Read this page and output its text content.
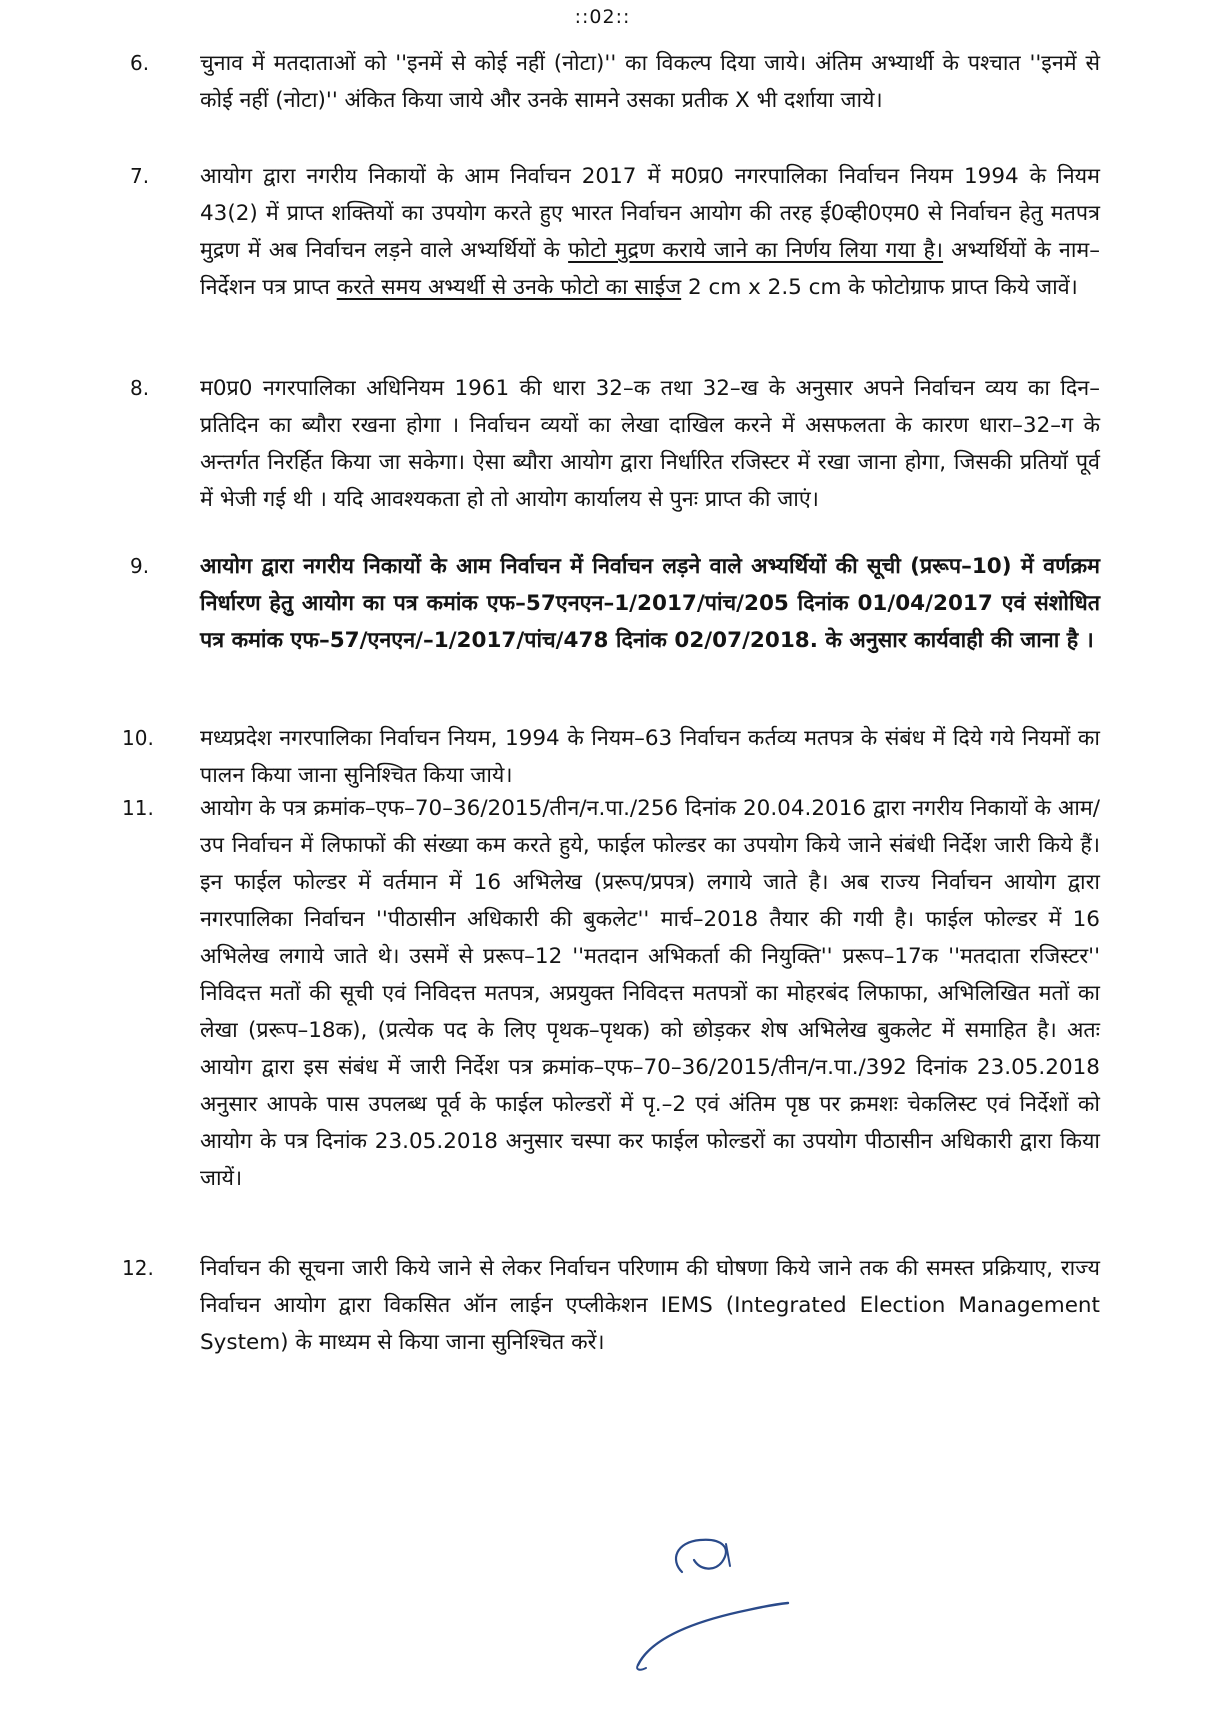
::02::
6. चुनाव में मतदाताओं को ''इनमें से कोई नहीं (नोटा)'' का विकल्प दिया जाये। अंतिम अभ्यार्थी के पश्चात ''इनमें से कोई नहीं (नोटा)'' अंकित किया जाये और उनके सामने उसका प्रतीक X भी दर्शाया जाये।

7. आयोग द्वारा नगरीय निकायों के आम निर्वाचन 2017 में म0प्र0 नगरपालिका निर्वाचन नियम 1994 के नियम 43(2) में प्राप्त शक्तियों का उपयोग करते हुए भारत निर्वाचन आयोग की तरह ई0व्ही0एम0 से निर्वाचन हेतु मतपत्र मुद्रण में अब निर्वाचन लड़ने वाले अभ्यर्थियों के फोटो मुद्रण कराये जाने का निर्णय लिया गया है। अभ्यर्थियों के नाम–निर्देशन पत्र प्राप्त करते समय अभ्यर्थी से उनके फोटो का साईज 2 cm x 2.5 cm के फोटोग्राफ प्राप्त किये जावें।

8. म0प्र0 नगरपालिका अधिनियम 1961 की धारा 32–क तथा 32–ख के अनुसार अपने निर्वाचन व्यय का दिन–प्रतिदिन का ब्यौरा रखना होगा । निर्वाचन व्ययों का लेखा दाखिल करने में असफलता के कारण धारा–32–ग के अन्तर्गत निरर्हित किया जा सकेगा। ऐसा ब्यौरा आयोग द्वारा निर्धारित रजिस्टर में रखा जाना होगा, जिसकी प्रतियॉ पूर्व में भेजी गई थी । यदि आवश्यकता हो तो आयोग कार्यालय से पुनः प्राप्त की जाएं।

9. आयोग द्वारा नगरीय निकायों के आम निर्वाचन में निर्वाचन लड़ने वाले अभ्यर्थियों की सूची (प्ररूप–10) में वर्णक्रम निर्धारण हेतु आयोग का पत्र कमांक एफ–57एनएन–1/2017/पांच/205 दिनांक 01/04/2017 एवं संशोधित पत्र कमांक एफ–57/एनएन/–1/2017/पांच/478 दिनांक 02/07/2018. के अनुसार कार्यवाही की जाना है ।

10. मध्यप्रदेश नगरपालिका निर्वाचन नियम, 1994 के नियम–63 निर्वाचन कर्तव्य मतपत्र के संबंध में दिये गये नियमों का पालन किया जाना सुनिश्चित किया जाये।

11. आयोग के पत्र क्रमांक–एफ–70–36/2015/तीन/न.पा./256 दिनांक 20.04.2016 द्वारा नगरीय निकायों के आम/उप निर्वाचन में लिफाफों की संख्या कम करते हुये, फाईल फोल्डर का उपयोग किये जाने संबंधी निर्देश जारी किये हैं। इन फाईल फोल्डर में वर्तमान में 16 अभिलेख (प्ररूप/प्रपत्र) लगाये जाते है। अब राज्य निर्वाचन आयोग द्वारा नगरपालिका निर्वाचन ''पीठासीन अधिकारी की बुकलेट'' मार्च–2018 तैयार की गयी है। फाईल फोल्डर में 16 अभिलेख लगाये जाते थे। उसमें से प्ररूप–12 ''मतदान अभिकर्ता की नियुक्ति'' प्ररूप–17क ''मतदाता रजिस्टर'' निविदत्त मतों की सूची एवं निविदत्त मतपत्र, अप्रयुक्त निविदत्त मतपत्रों का मोहरबंद लिफाफा, अभिलिखित मतों का लेखा (प्ररूप–18क), (प्रत्येक पद के लिए पृथक–पृथक) को छोड़कर शेष अभिलेख बुकलेट में समाहित है। अतः आयोग द्वारा इस संबंध में जारी निर्देश पत्र क्रमांक–एफ–70–36/2015/तीन/न.पा./392 दिनांक 23.05.2018 अनुसार आपके पास उपलब्ध पूर्व के फाईल फोल्डरों में पृ.–2 एवं अंतिम पृष्ठ पर क्रमशः चेकलिस्ट एवं निर्देशों को आयोग के पत्र दिनांक 23.05.2018 अनुसार चस्पा कर फाईल फोल्डरों का उपयोग पीठासीन अधिकारी द्वारा किया जायें।

12. निर्वाचन की सूचना जारी किये जाने से लेकर निर्वाचन परिणाम की घोषणा किये जाने तक की समस्त प्रक्रियाए, राज्य निर्वाचन आयोग द्वारा विकसित ऑन लाईन एप्लीकेशन IEMS (Integrated Election Management System) के माध्यम से किया जाना सुनिश्चित करें।
